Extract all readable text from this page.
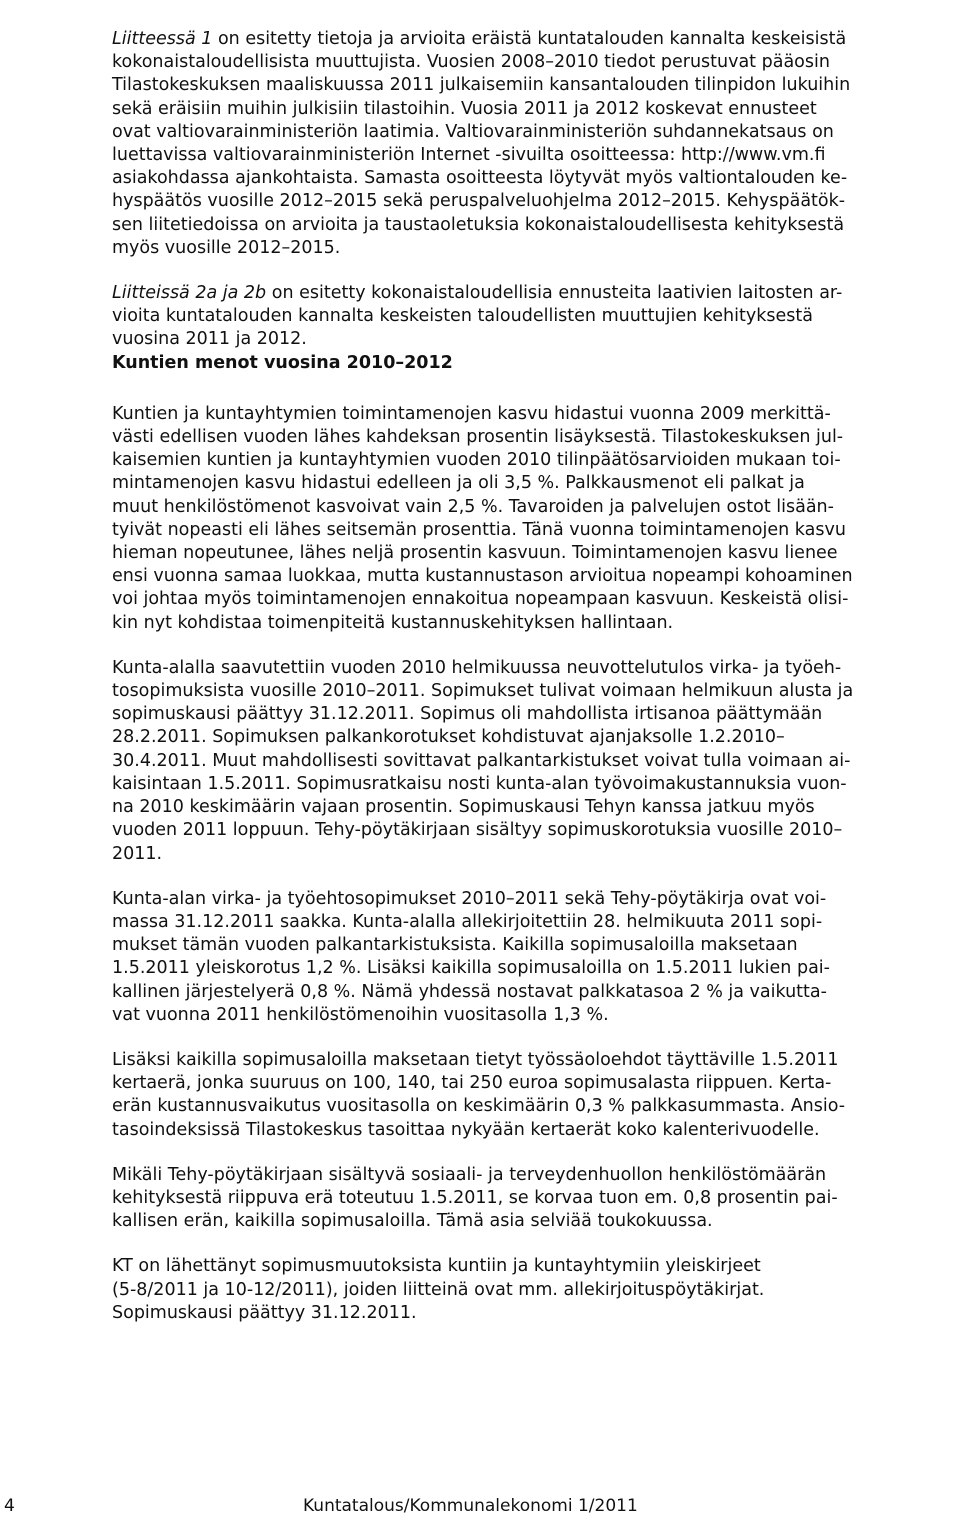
Liitteessä 1 on esitetty tietoja ja arvioita eräistä kuntatalouden kannalta keskeisistä
kokonaistaloudellisista muuttujista. Vuosien 2008–2010 tiedot perustuvat pääosin
Tilastokeskuksen maaliskuussa 2011 julkaisemiin kansantalouden tilinpidon lukuihin
sekä eräisiin muihin julkisiin tilastoihin. Vuosia 2011 ja 2012 koskevat ennusteet
ovat valtiovarainministeriön laatimia. Valtiovarainministeriön suhdannekatsaus on
luettavissa valtiovarainministeriön Internet -sivuilta osoitteessa: http://www.vm.fi
asiakohdassa ajankohtaista. Samasta osoitteesta löytyvät myös valtiontalouden ke-
hyspäätös vuosille 2012–2015 sekä peruspalveluohjelma 2012–2015. Kehyspäätök-
sen liitetiedoissa on arvioita ja taustaoletuksia kokonaistaloudellisesta kehityksestä
myös vuosille 2012–2015.

Liitteissä 2a ja 2b on esitetty kokonaistaloudellisia ennusteita laativien laitosten ar-
vioita kuntatalouden kannalta keskeisten taloudellisten muuttujien kehityksestä
vuosina 2011 ja 2012.

Kuntien menot vuosina 2010–2012

Kuntien ja kuntayhtymien toimintamenojen kasvu hidastui vuonna 2009 merkittä-
västi edellisen vuoden lähes kahdeksan prosentin lisäyksestä. Tilastokeskuksen jul-
kaisemien kuntien ja kuntayhtymien vuoden 2010 tilinpäätösarvioiden mukaan toi-
mintamenojen kasvu hidastui edelleen ja oli 3,5 %. Palkkausmenot eli palkat ja
muut henkilöstömenot kasvoivat vain 2,5 %. Tavaroiden ja palvelujen ostot lisään-
tyivät nopeasti eli lähes seitsemän prosenttia. Tänä vuonna toimintamenojen kasvu
hieman nopeutunee, lähes neljä prosentin kasvuun. Toimintamenojen kasvu lienee
ensi vuonna samaa luokkaa, mutta kustannustason arvioitua nopeampi kohoaminen
voi johtaa myös toimintamenojen ennakoitua nopeampaan kasvuun. Keskeistä olisi-
kin nyt kohdistaa toimenpiteitä kustannuskehityksen hallintaan.

Kunta-alalla saavutettiin vuoden 2010 helmikuussa neuvottelutulos virka- ja työeh-
tosopimuksista vuosille 2010–2011. Sopimukset tulivat voimaan helmikuun alusta ja
sopimuskausi päättyy 31.12.2011. Sopimus oli mahdollista irtisanoa päättymään
28.2.2011. Sopimuksen palkankorotukset kohdistuvat ajanjaksolle 1.2.2010–
30.4.2011. Muut mahdollisesti sovittavat palkantarkistukset voivat tulla voimaan ai-
kaisintaan 1.5.2011. Sopimusratkaisu nosti kunta-alan työvoimakustannuksia vuon-
na 2010 keskimäärin vajaan prosentin. Sopimuskausi Tehyn kanssa jatkuu myös
vuoden 2011 loppuun. Tehy-pöytäkirjaan sisältyy sopimuskorotuksia vuosille 2010–
2011.

Kunta-alan virka- ja työehtosopimukset 2010–2011 sekä Tehy-pöytäkirja ovat voi-
massa 31.12.2011 saakka. Kunta-alalla allekirjoitettiin 28. helmikuuta 2011 sopi-
mukset tämän vuoden palkantarkistuksista. Kaikilla sopimusaloilla maksetaan
1.5.2011 yleiskorotus 1,2 %. Lisäksi kaikilla sopimusaloilla on 1.5.2011 lukien pai-
kallinen järjestelyerä 0,8 %. Nämä yhdessä nostavat palkkatasoa 2 % ja vaikutta-
vat vuonna 2011 henkilöstömenoihin vuositasolla 1,3 %.

Lisäksi kaikilla sopimusaloilla maksetaan tietyt työssäoloehdot täyttäville 1.5.2011
kertaerä, jonka suuruus on 100, 140, tai 250 euroa sopimusalasta riippuen. Kerta-
erän kustannusvaikutus vuositasolla on keskimäärin 0,3 % palkkasummasta. Ansio-
tasoindeksissä Tilastokeskus tasoittaa nykyään kertaerät koko kalenterivuodelle.

Mikäli Tehy-pöytäkirjaan sisältyvä sosiaali- ja terveydenhuollon henkilöstömäärän
kehityksestä riippuva erä toteutuu 1.5.2011, se korvaa tuon em. 0,8 prosentin pai-
kallisen erän, kaikilla sopimusaloilla. Tämä asia selviää toukokuussa.

KT on lähettänyt sopimusmuutoksista kuntiin ja kuntayhtymiin yleiskirjeet
(5-8/2011 ja 10-12/2011), joiden liitteinä ovat mm. allekirjoituspöytäkirjat.
Sopimuskausi päättyy 31.12.2011.

4	Kuntatalous/Kommunalekonomi 1/2011
